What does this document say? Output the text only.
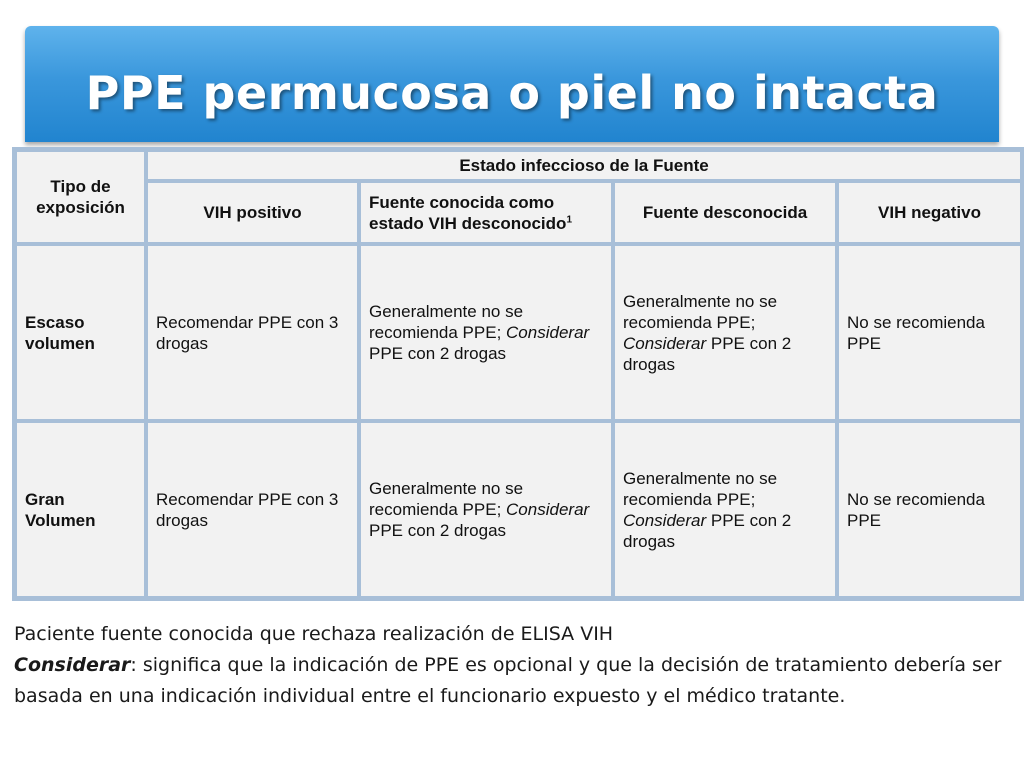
PPE permucosa o piel no intacta
Tipo de exposición	Estado infeccioso de la Fuente			
	VIH positivo	Fuente conocida como estado VIH desconocido$^1$	Fuente desconocida	VIH negativo
Escaso volumen	Recomendar PPE con 3 drogas	Generalmente no se recomienda PPE; Considerar PPE con 2 drogas	Generalmente no se recomienda PPE; Considerar PPE con 2 drogas	No se recomienda PPE
Gran Volumen	Recomendar PPE con 3 drogas	Generalmente no se recomienda PPE; Considerar PPE con 2 drogas	Generalmente no se recomienda PPE; Considerar PPE con 2 drogas	No se recomienda PPE

Paciente fuente conocida que rechaza realización de ELISA VIH

Considerar: significa que la indicación de PPE es opcional y que la decisión de tratamiento debería ser basada en una indicación individual entre el funcionario expuesto y el médico tratante.
